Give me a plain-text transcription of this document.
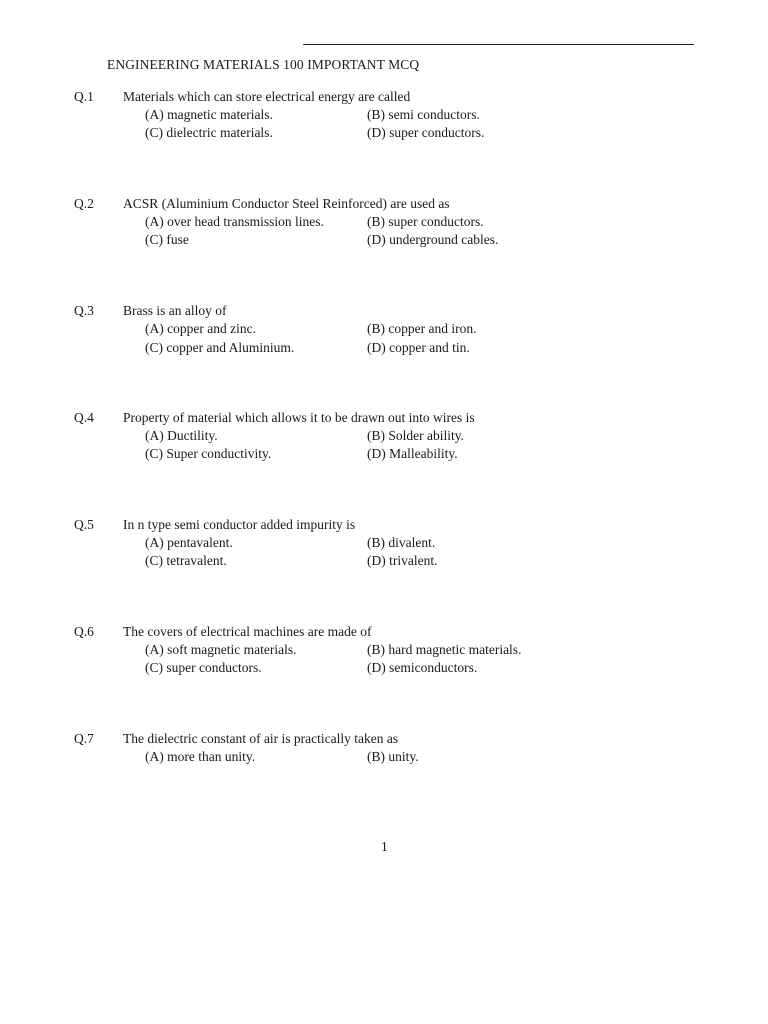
ENGINEERING MATERIALS 100 IMPORTANT MCQ
Q.1 Materials which can store electrical energy are called
(A) magnetic materials.	(B) semi conductors.
(C) dielectric materials.	(D) super conductors.
Q.2 ACSR (Aluminium Conductor Steel Reinforced) are used as
(A) over head transmission lines.	(B) super conductors.
(C) fuse	(D) underground cables.
Q.3 Brass is an alloy of
(A) copper and zinc.	(B) copper and iron.
(C) copper and Aluminium.	(D) copper and tin.
Q.4 Property of material which allows it to be drawn out into wires is
(A) Ductility.	(B) Solder ability.
(C) Super conductivity.	(D) Malleability.
Q.5 In n type semi conductor added impurity is
(A) pentavalent.	(B) divalent.
(C) tetravalent.	(D) trivalent.
Q.6 The covers of electrical machines are made of
(A) soft magnetic materials.	(B) hard magnetic materials.
(C) super conductors.	(D) semiconductors.
Q.7 The dielectric constant of air is practically taken as
(A) more than unity.	(B) unity.
1
